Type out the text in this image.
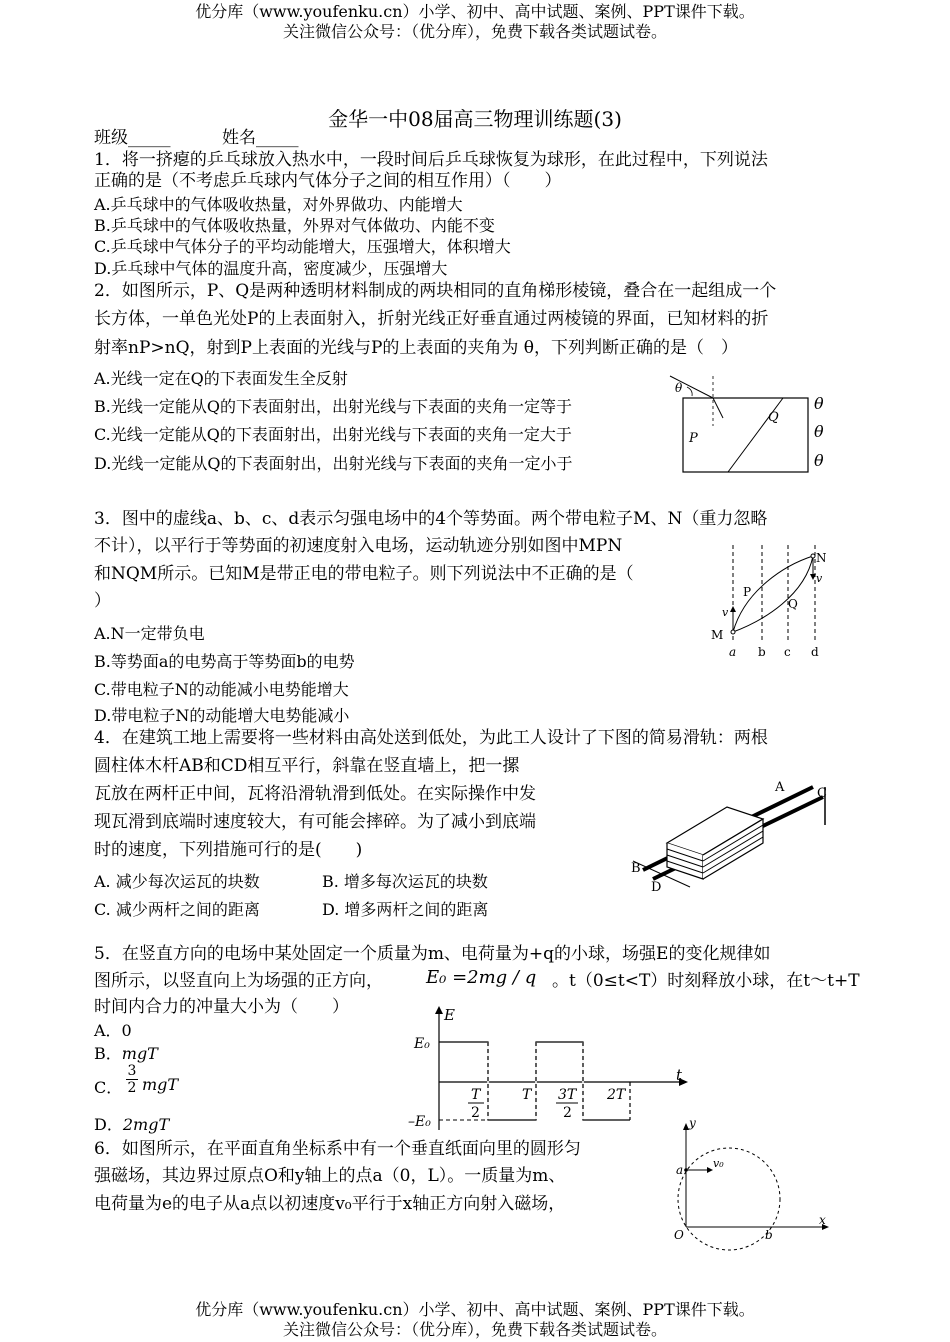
优分库（www.youfenku.cn）小学、初中、高中试题、案例、PPT课件下载。
关注微信公众号：（优分库），免费下载各类试题试卷。
金华一中08届高三物理训练题(3)
班级_____	姓名_____
1．将一挤瘪的乒乓球放入热水中，一段时间后乒乓球恢复为球形，在此过程中，下列说法
正确的是（不考虑乒乓球内气体分子之间的相互作用）（　　）
A.乒乓球中的气体吸收热量，对外界做功、内能增大
B.乒乓球中的气体吸收热量，外界对气体做功、内能不变
C.乒乓球中气体分子的平均动能增大，压强增大，体积增大
D.乒乓球中气体的温度升高，密度减少，压强增大
2．如图所示，P、Q是两种透明材料制成的两块相同的直角梯形棱镜，叠合在一起组成一个
长方体，一单色光处P的上表面射入，折射光线正好垂直通过两棱镜的界面，已知材料的折
射率nP>nQ，射到P上表面的光线与P的上表面的夹角为 θ，下列判断正确的是（　）
A.光线一定在Q的下表面发生全反射
B.光线一定能从Q的下表面射出，出射光线与下表面的夹角一定等于
C.光线一定能从Q的下表面射出，出射光线与下表面的夹角一定大于
D.光线一定能从Q的下表面射出，出射光线与下表面的夹角一定小于
θ
θ
θ
θ
P
Q
3．图中的虚线a、b、c、d表示匀强电场中的4个等势面。两个带电粒子M、N（重力忽略
不计），以平行于等势面的初速度射入电场，运动轨迹分别如图中MPN
和NQM所示。已知M是带正电的带电粒子。则下列说法中不正确的是（
）
A.N一定带负电
B.等势面a的电势高于等势面b的电势
C.带电粒子N的动能减小电势能增大
D.带电粒子N的动能增大电势能减小
N
M
P
Q
v
v
a b c d
4．在建筑工地上需要将一些材料由高处送到低处，为此工人设计了下图的简易滑轨：两根
圆柱体木杆AB和CD相互平行，斜靠在竖直墙上，把一摞
瓦放在两杆正中间，瓦将沿滑轨滑到低处。在实际操作中发
现瓦滑到底端时速度较大，有可能会摔碎。为了减小到底端
时的速度，下列措施可行的是(　　)
A. 减少每次运瓦的块数	B. 增多每次运瓦的块数
C. 减少两杆之间的距离	D. 增多两杆之间的距离
A	C
B
D
5．在竖直方向的电场中某处固定一个质量为m、电荷量为+q的小球，场强E的变化规律如
图所示，以竖直向上为场强的正方向， E₀ =2mg / q 。t（0≤t<T）时刻释放小球，在t～t+T
时间内合力的冲量大小为（　　）
A．0
B．mgT
C． $\frac{3}{2}$ mgT
D．2mgT
E
t
E₀
–E₀
T
2
T 3T
2
2T
6．如图所示，在平面直角坐标系中有一个垂直纸面向里的圆形匀
强磁场，其边界过原点O和y轴上的点a（0，L）。一质量为m、
电荷量为e的电子从a点以初速度v₀平行于x轴正方向射入磁场，
y
x
O
a
b
v₀
优分库（www.youfenku.cn）小学、初中、高中试题、案例、PPT课件下载。
关注微信公众号：（优分库），免费下载各类试题试卷。
